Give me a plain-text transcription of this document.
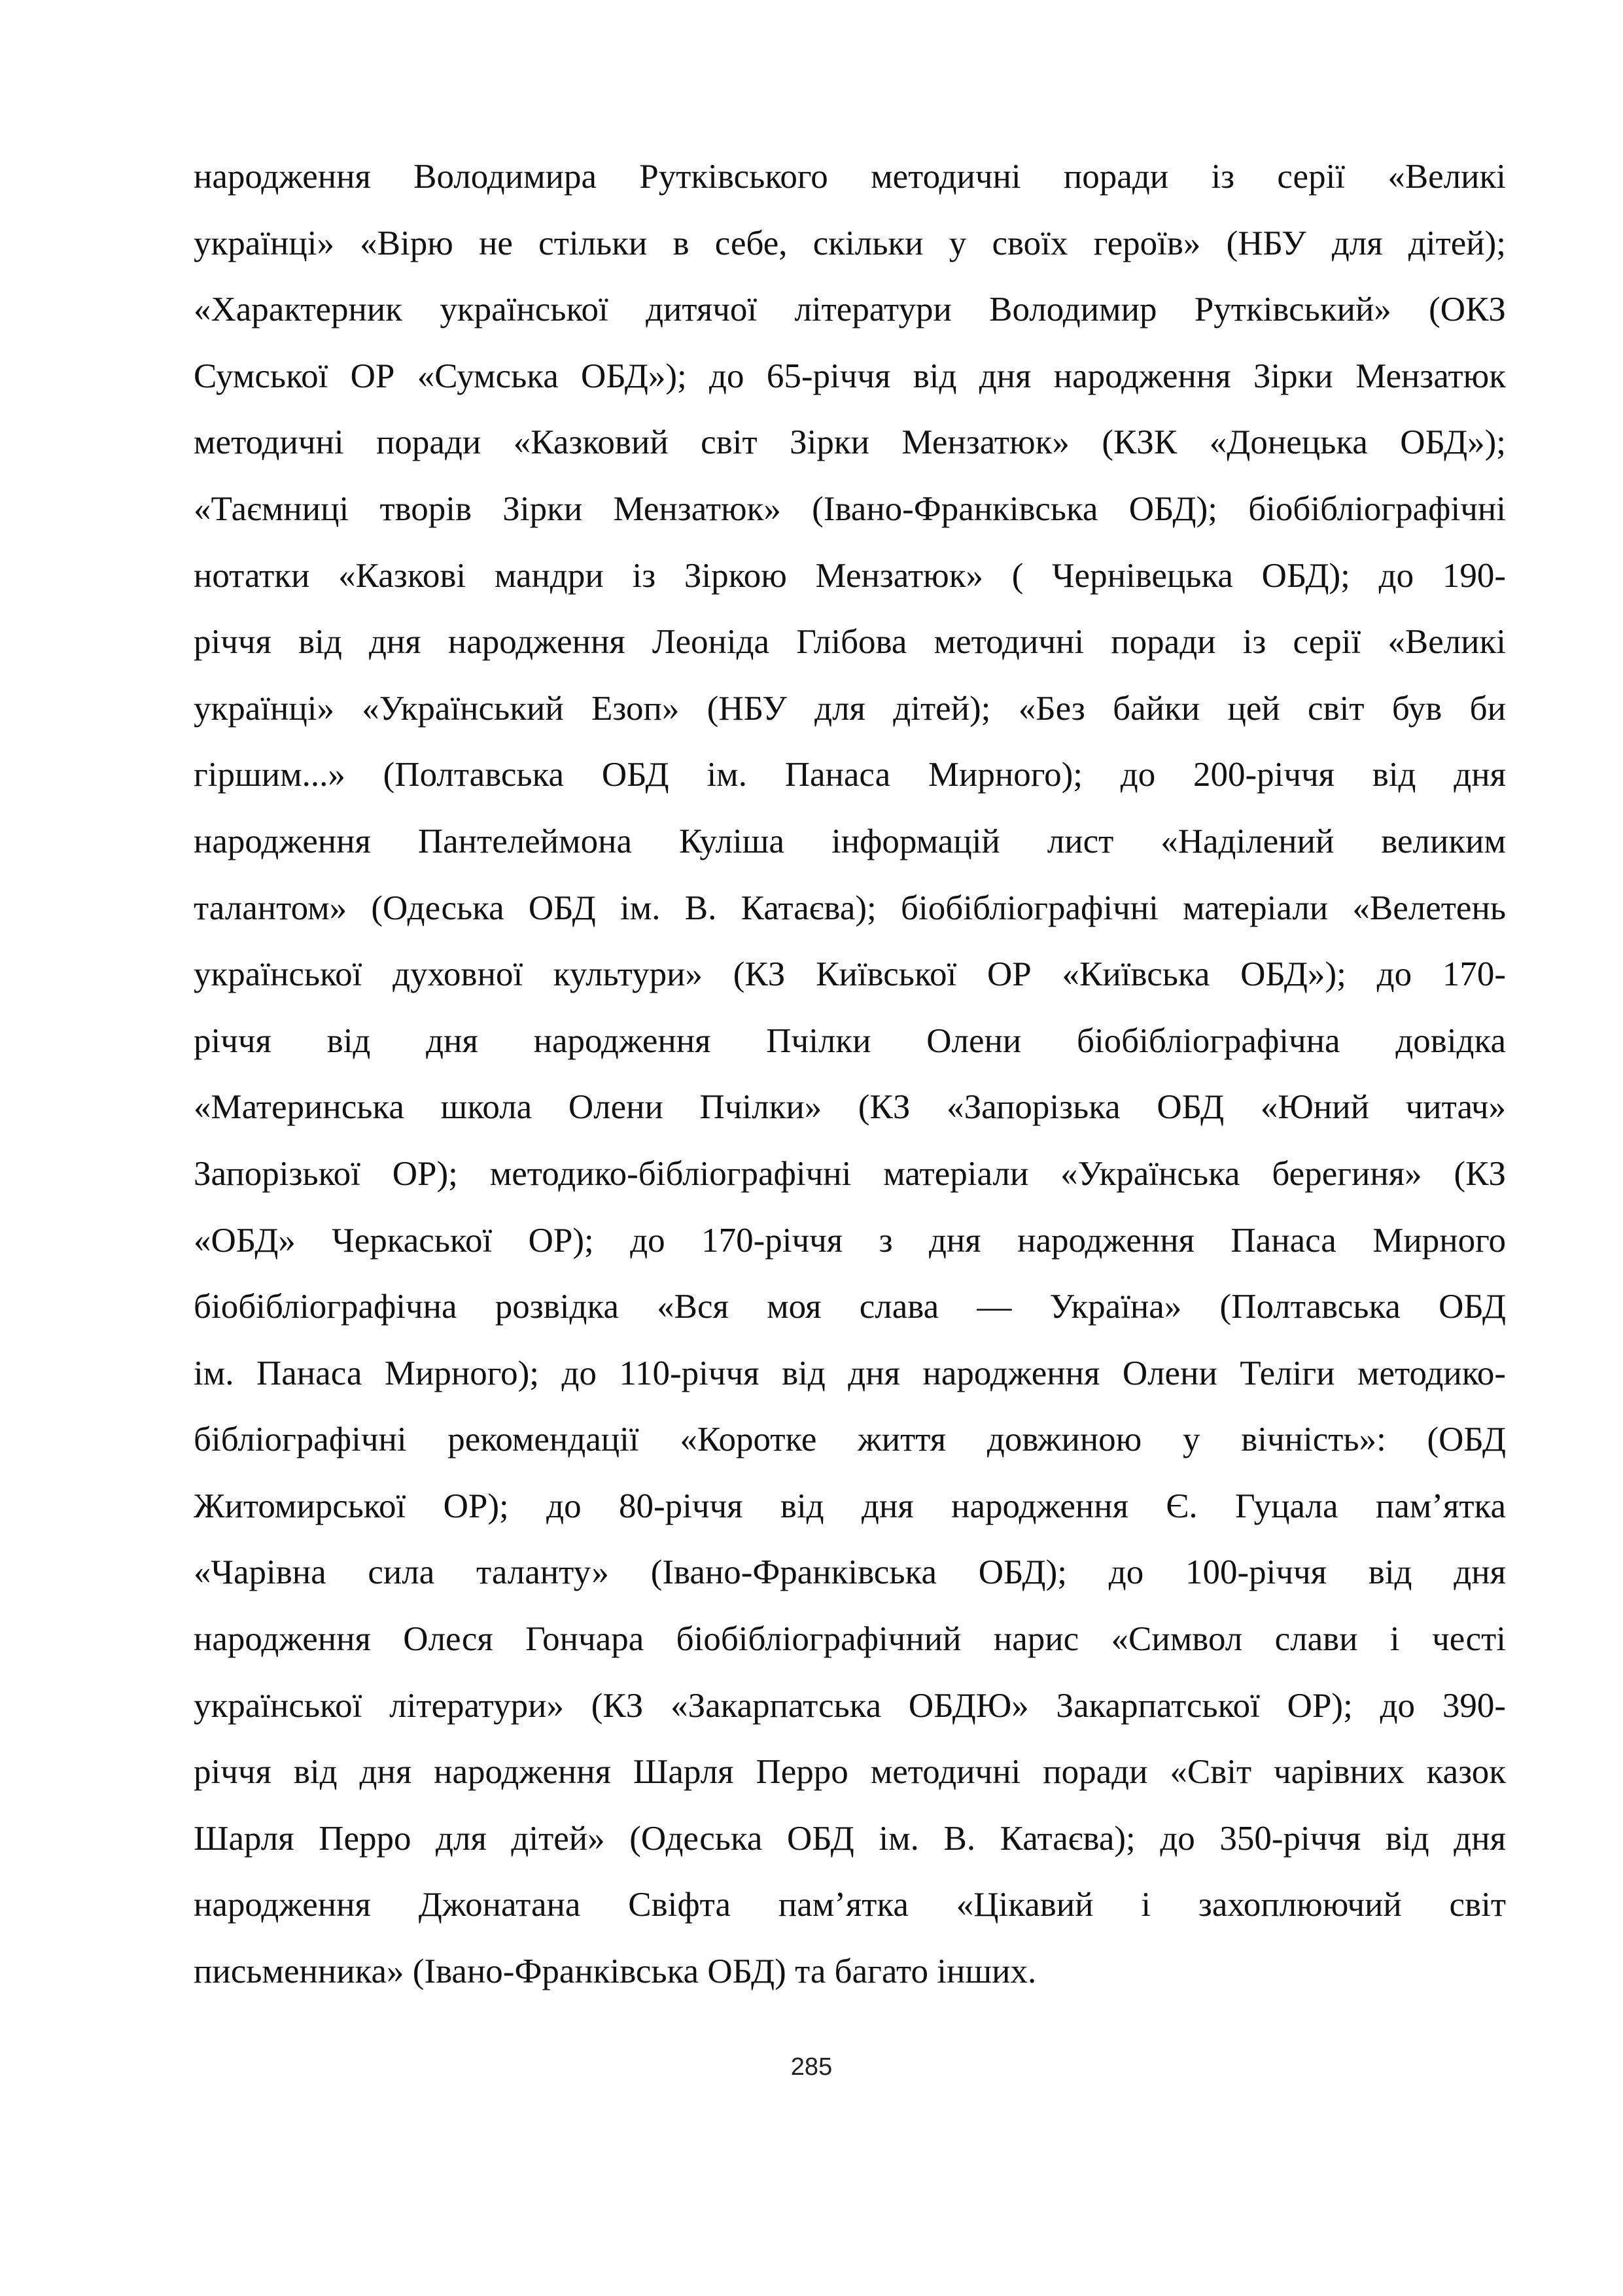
народження Володимира Рутківського методичні поради із серії «Великі
українці» «Вірю не стільки в себе, скільки у своїх героїв» (НБУ для дітей);
«Характерник української дитячої літератури Володимир Рутківський» (ОКЗ
Сумської ОР «Сумська ОБД»); до 65-річчя від дня народження Зірки Мензатюк
методичні поради «Казковий світ Зірки Мензатюк» (КЗК «Донецька ОБД»);
«Таємниці творів Зірки Мензатюк» (Івано-Франківська ОБД); біобібліографічні
нотатки «Казкові мандри із Зіркою Мензатюк» ( Чернівецька ОБД); до 190-
річчя від дня народження Леоніда Глібова методичні поради із серії «Великі
українці» «Український Езоп» (НБУ для дітей); «Без байки цей світ був би
гіршим...» (Полтавська ОБД ім. Панаса Мирного); до 200-річчя від дня
народження Пантелеймона Куліша інформацій лист «Наділений великим
талантом» (Одеська ОБД ім. В. Катаєва); біобібліографічні матеріали «Велетень
української духовної культури» (КЗ Київської ОР «Київська ОБД»); до 170-
річчя від дня народження Пчілки Олени біобібліографічна довідка
«Материнська школа Олени Пчілки» (КЗ «Запорізька ОБД «Юний читач»
Запорізької ОР); методико-бібліографічні матеріали «Українська берегиня» (КЗ
«ОБД» Черкаської ОР); до 170-річчя з дня народження Панаса Мирного
біобібліографічна розвідка «Вся моя слава — Україна» (Полтавська ОБД
ім. Панаса Мирного); до 110-річчя від дня народження Олени Теліги методико-
бібліографічні рекомендації «Коротке життя довжиною у вічність»: (ОБД
Житомирської ОР); до 80-річчя від дня народження Є. Гуцала пам’ятка
«Чарівна сила таланту» (Івано-Франківська ОБД); до 100-річчя від дня
народження Олеся Гончара біобібліографічний нарис «Символ слави і честі
української літератури» (КЗ «Закарпатська ОБДЮ» Закарпатської ОР); до 390-
річчя від дня народження Шарля Перро методичні поради «Світ чарівних казок
Шарля Перро для дітей» (Одеська ОБД ім. В. Катаєва); до 350-річчя від дня
народження Джонатана Свіфта пам’ятка «Цікавий і захоплюючий світ
письменника» (Івано-Франківська ОБД) та багато інших.
285
